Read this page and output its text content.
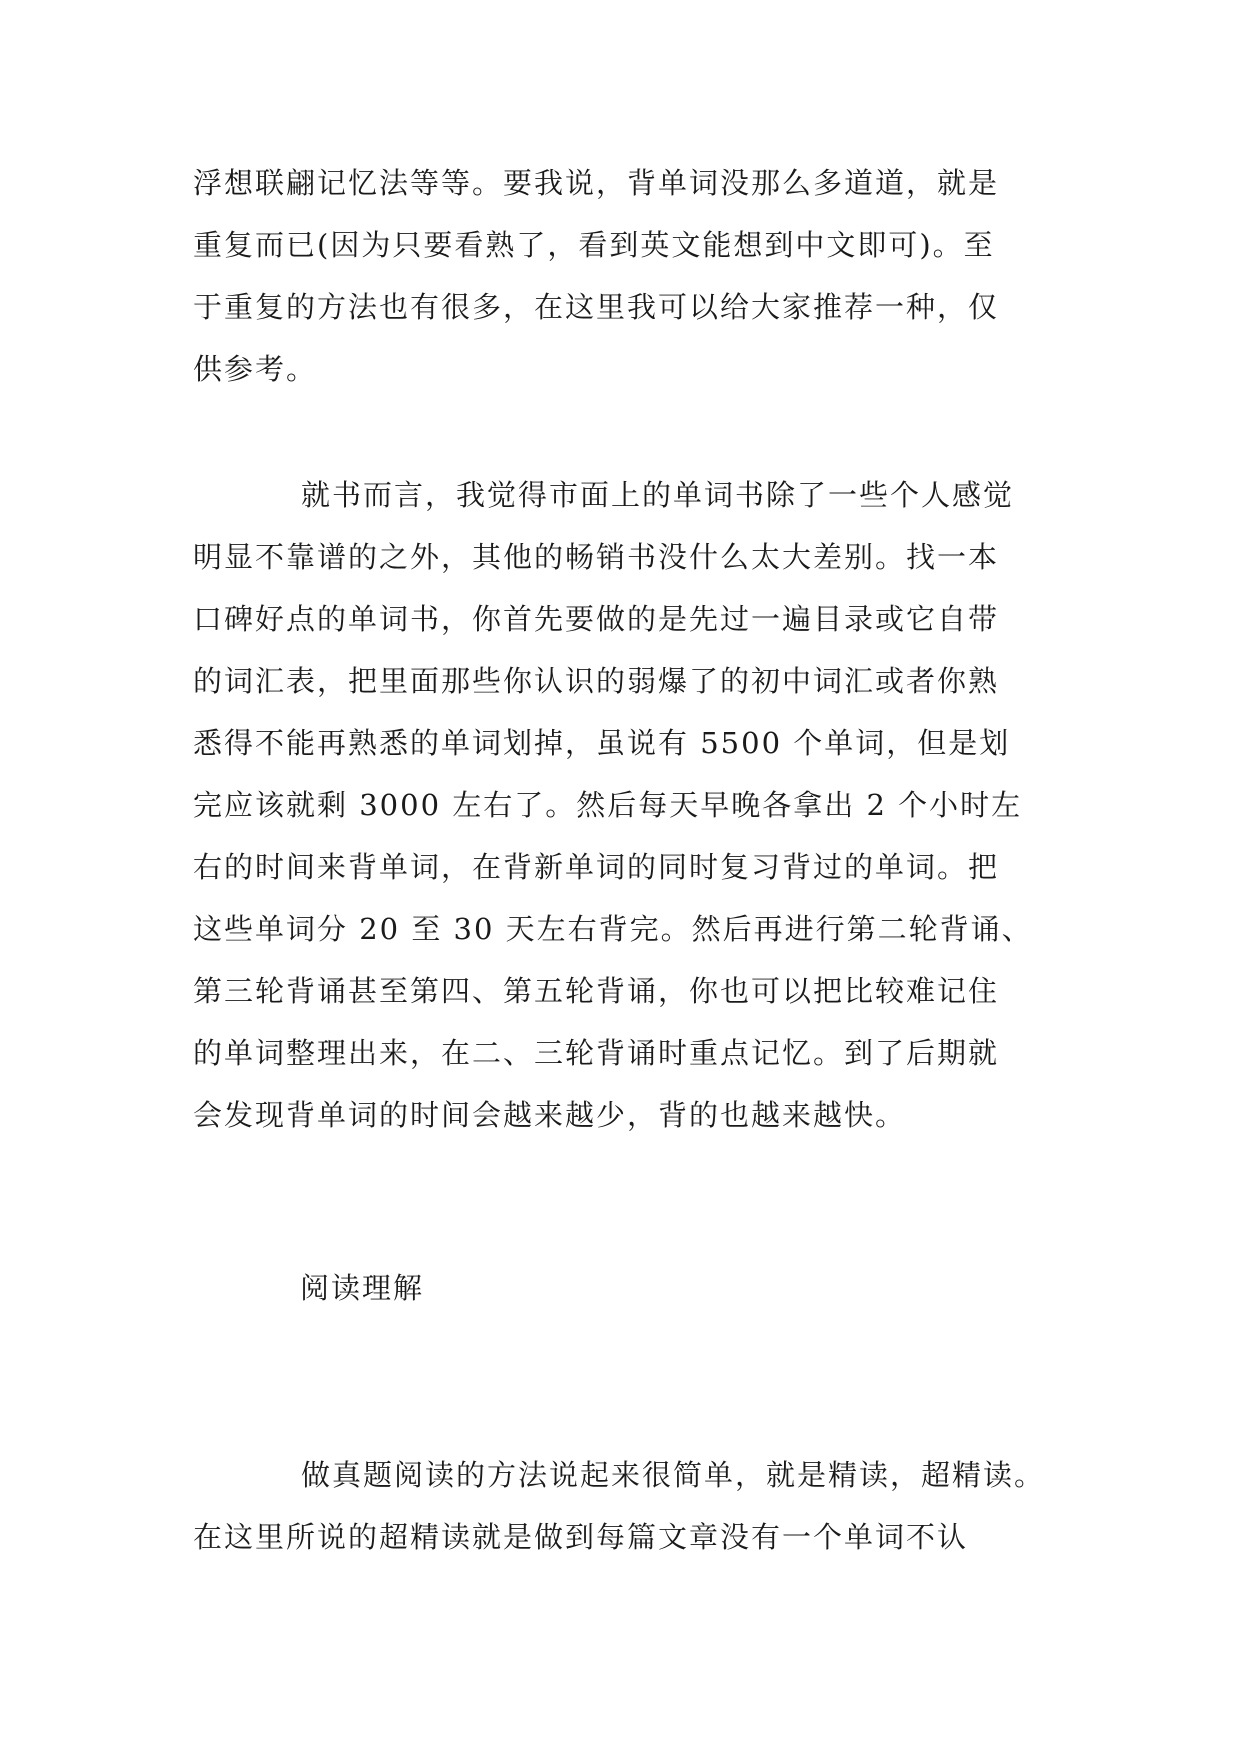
浮想联翩记忆法等等。要我说，背单词没那么多道道，就是
重复而已(因为只要看熟了，看到英文能想到中文即可)。至
于重复的方法也有很多，在这里我可以给大家推荐一种，仅
供参考。

就书而言，我觉得市面上的单词书除了一些个人感觉
明显不靠谱的之外，其他的畅销书没什么太大差别。找一本
口碑好点的单词书，你首先要做的是先过一遍目录或它自带
的词汇表，把里面那些你认识的弱爆了的初中词汇或者你熟
悉得不能再熟悉的单词划掉，虽说有 5500 个单词，但是划
完应该就剩 3000 左右了。然后每天早晚各拿出 2 个小时左
右的时间来背单词，在背新单词的同时复习背过的单词。把
这些单词分 20 至 30 天左右背完。然后再进行第二轮背诵、
第三轮背诵甚至第四、第五轮背诵，你也可以把比较难记住
的单词整理出来，在二、三轮背诵时重点记忆。到了后期就
会发现背单词的时间会越来越少，背的也越来越快。

阅读理解

做真题阅读的方法说起来很简单，就是精读，超精读。
在这里所说的超精读就是做到每篇文章没有一个单词不认
